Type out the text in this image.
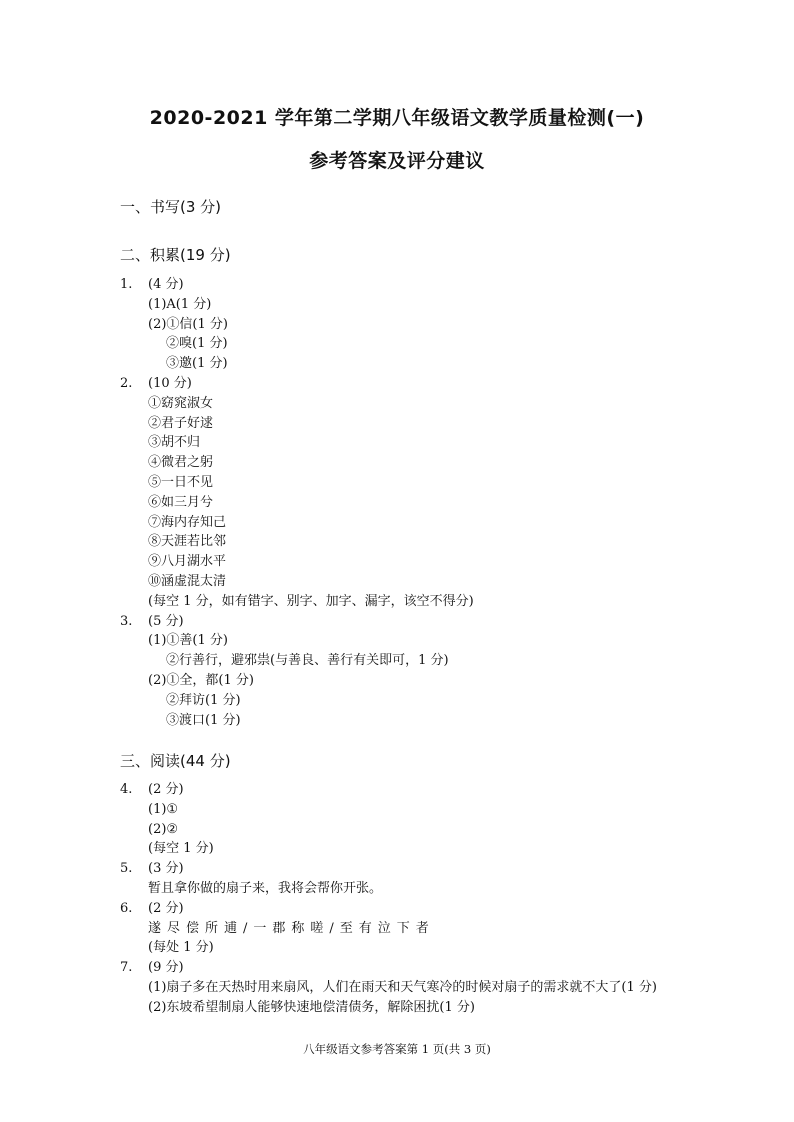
2020-2021 学年第二学期八年级语文教学质量检测(一)
参考答案及评分建议
一、书写(3 分)
二、积累(19 分)
1.	(4 分)
(1)A(1 分)
(2)①信(1 分)
②嗅(1 分)
③邀(1 分)
2.	(10 分)
①窈窕淑女
②君子好逑
③胡不归
④微君之躬
⑤一日不见
⑥如三月兮
⑦海内存知己
⑧天涯若比邻
⑨八月湖水平
⑩涵虚混太清
(每空 1 分，如有错字、别字、加字、漏字，该空不得分)
3.	(5 分)
(1)①善(1 分)
②行善行，避邪祟(与善良、善行有关即可，1 分)
(2)①全，都(1 分)
②拜访(1 分)
③渡口(1 分)
三、阅读(44 分)
4.	(2 分)
(1)①
(2)②
(每空 1 分)
5.	(3 分)
暂且拿你做的扇子来，我将会帮你开张。
6.	(2 分)
遂尽偿所逋/一郡称嗟/至有泣下者
(每处 1 分)
7.	(9 分)
(1)扇子多在天热时用来扇风，人们在雨天和天气寒冷的时候对扇子的需求就不大了(1 分)
(2)东坡希望制扇人能够快速地偿清债务，解除困扰(1 分)
八年级语文参考答案第 1 页(共 3 页)
